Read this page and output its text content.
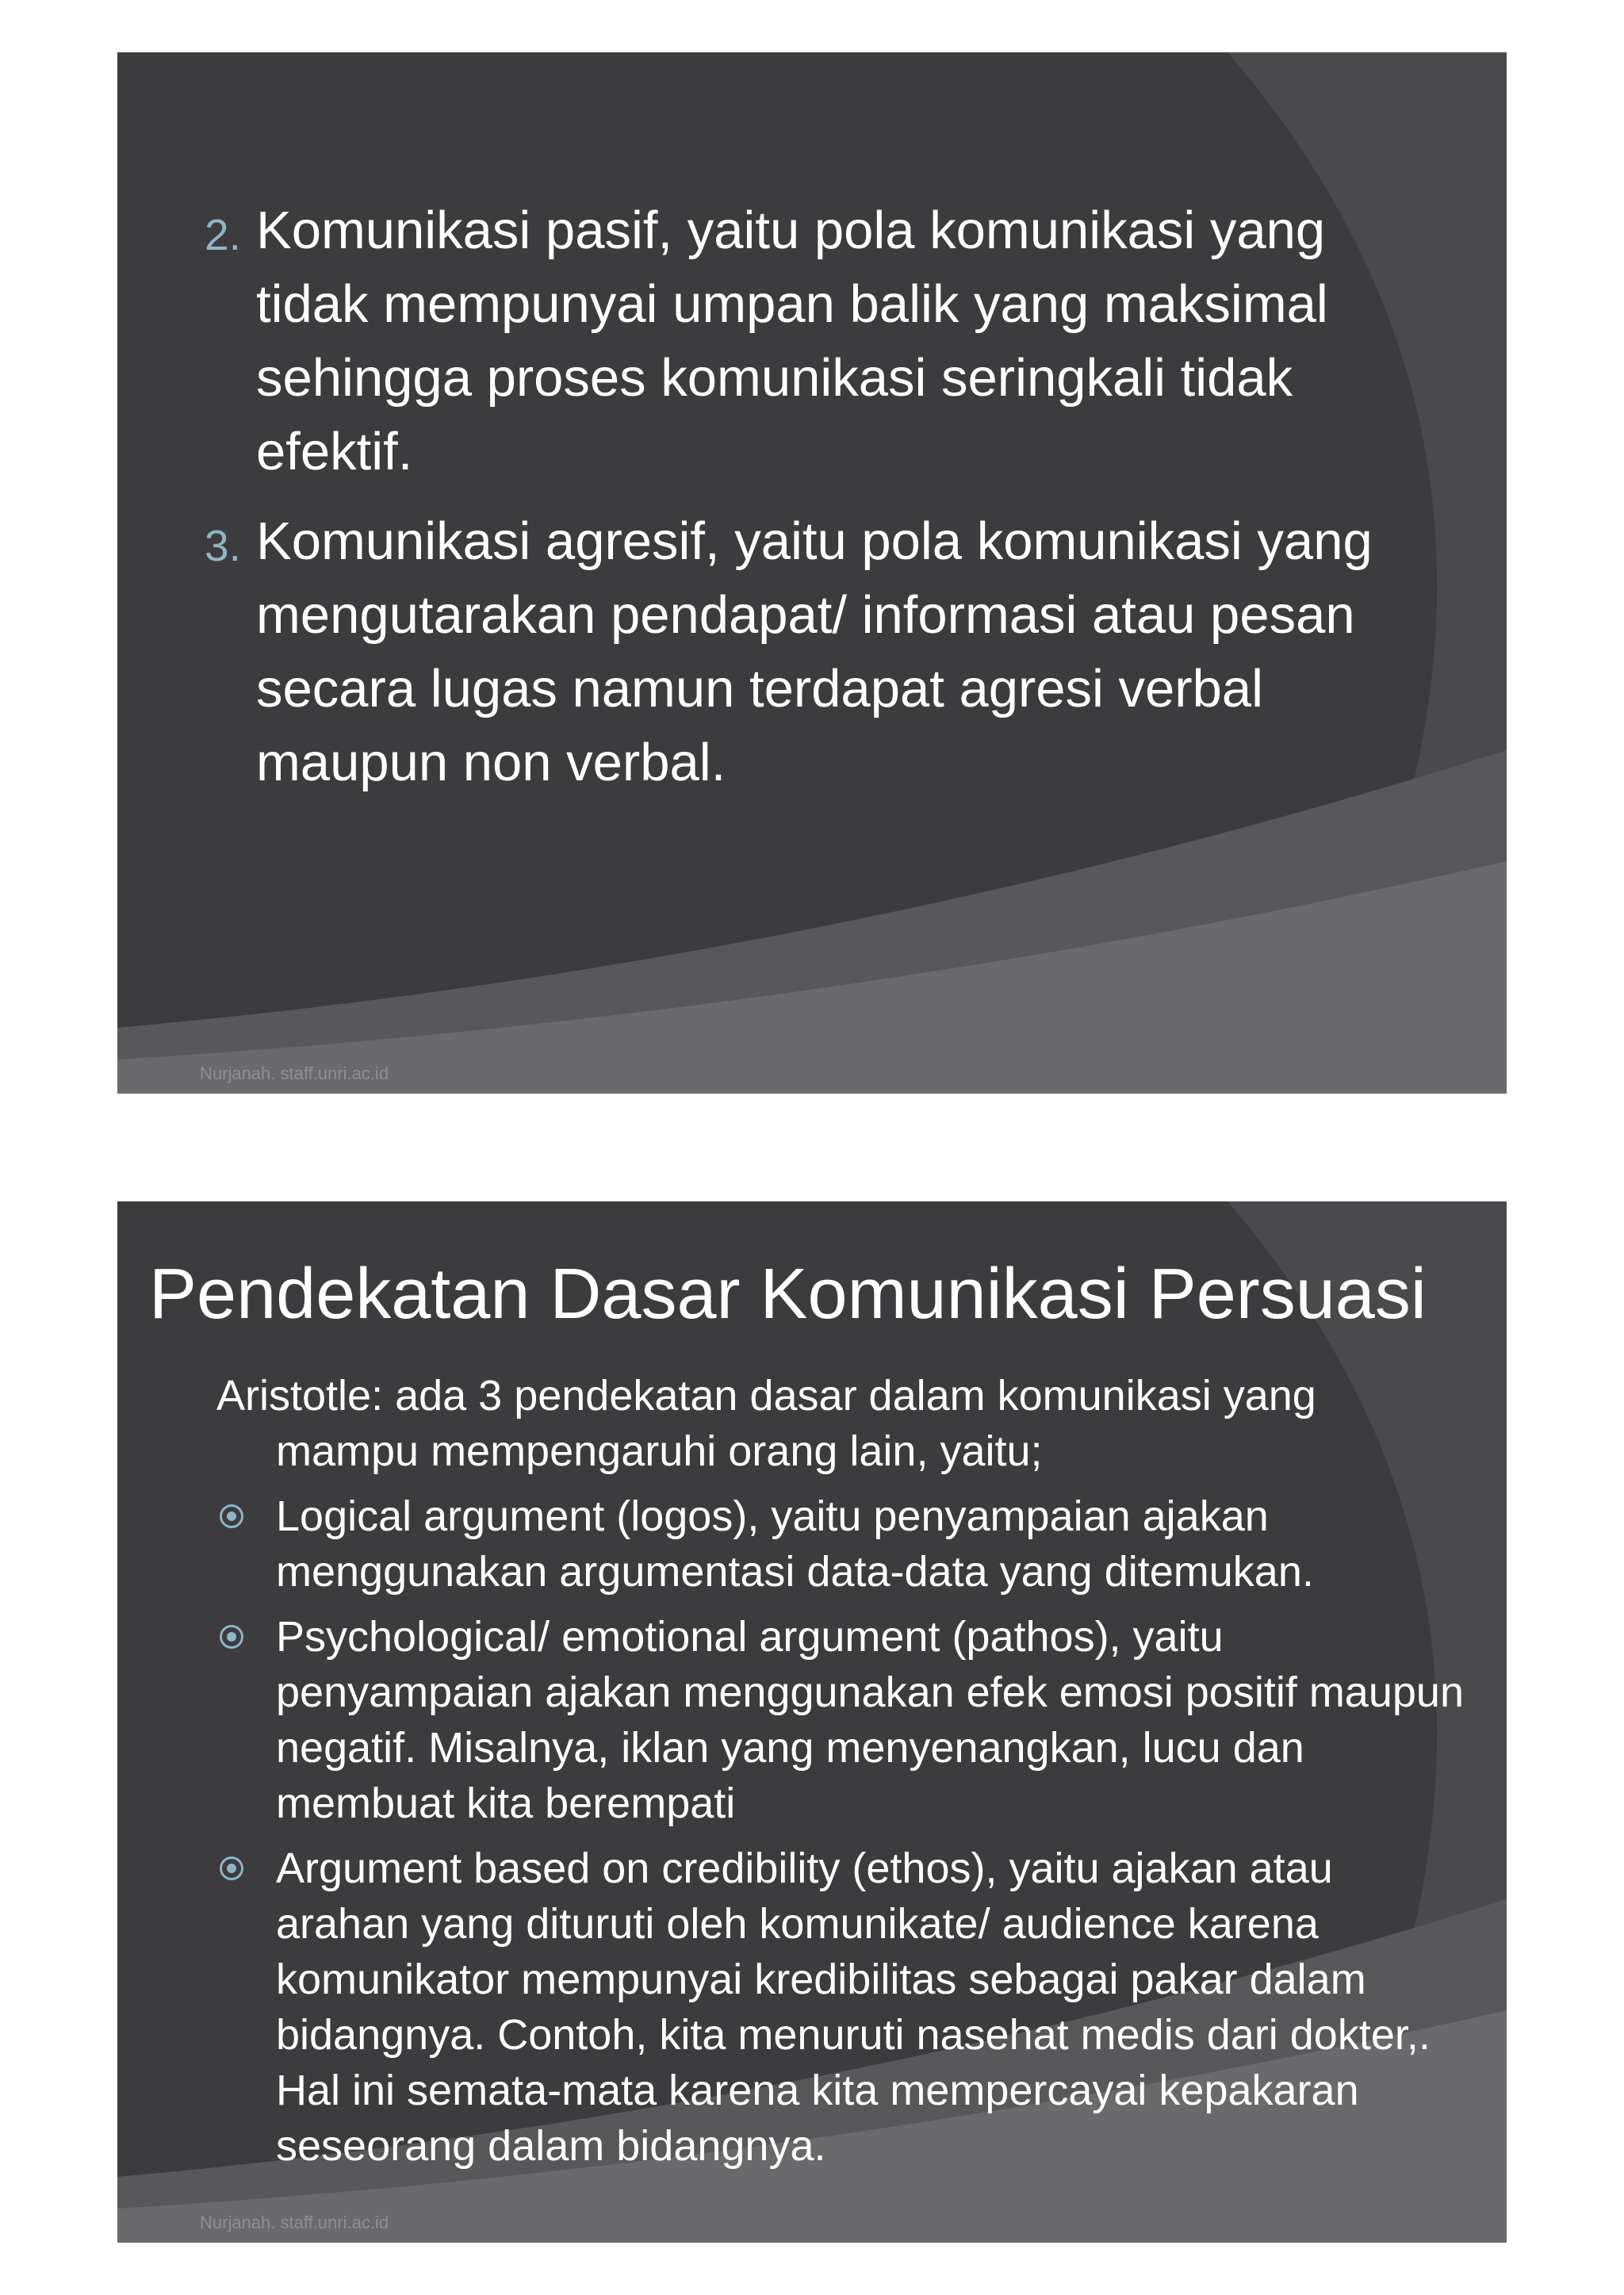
2. Komunikasi pasif, yaitu pola komunikasi yang tidak mempunyai umpan balik yang maksimal sehingga proses komunikasi seringkali tidak efektif.
3. Komunikasi agresif, yaitu pola komunikasi yang mengutarakan pendapat/ informasi atau pesan secara lugas namun terdapat agresi verbal maupun non verbal.
Nurjanah. staff.unri.ac.id
Pendekatan Dasar Komunikasi Persuasi
Aristotle: ada 3 pendekatan dasar dalam komunikasi yang mampu mempengaruhi orang lain, yaitu;
Logical argument (logos), yaitu penyampaian ajakan menggunakan argumentasi data-data yang ditemukan.
Psychological/ emotional argument (pathos), yaitu penyampaian ajakan menggunakan efek emosi positif maupun negatif. Misalnya, iklan yang menyenangkan, lucu dan membuat kita berempati
Argument based on credibility (ethos), yaitu ajakan atau arahan yang dituruti oleh komunikate/ audience karena komunikator mempunyai kredibilitas sebagai pakar dalam bidangnya. Contoh, kita menuruti nasehat medis dari dokter,. Hal ini semata-mata karena kita mempercayai kepakaran seseorang dalam bidangnya.
Nurjanah. staff.unri.ac.id
